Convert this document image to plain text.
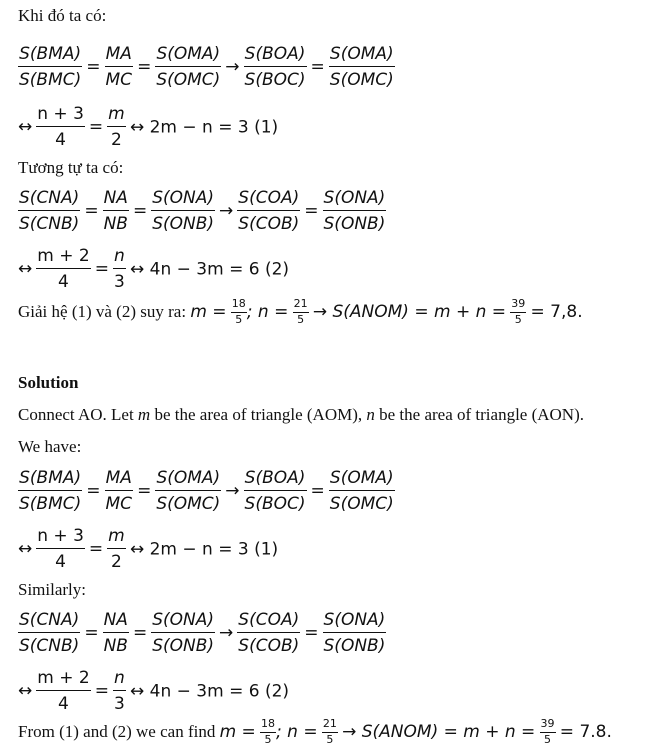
Khi đó ta có:
$\frac{\text{S(BMA)}}{\text{S(BMC)}} = \frac{MA}{MC} = \frac{\text{S(OMA)}}{\text{S(OMC)}} \to \frac{\text{S(BOA)}}{\text{S(BOC)}} = \frac{\text{S(OMA)}}{\text{S(OMC)}}$
↔ $\frac{n + 3}{4} = \frac{m}{2}$ ↔ 2m − n = 3 (1)
Tương tự ta có:
$\frac{\text{S(CNA)}}{\text{S(CNB)}} = \frac{NA}{NB} = \frac{\text{S(ONA)}}{\text{S(ONB)}} \to \frac{\text{S(COA)}}{\text{S(COB)}} = \frac{\text{S(ONA)}}{\text{S(ONB)}}$
↔ $\frac{m + 2}{4} = \frac{n}{3}$ ↔ 4n − 3m = 6 (2)
Giải hệ (1) và (2) suy ra: $m = \frac{18}{5}$ ; $n = \frac{21}{5}$ → S(ANOM) = $m + n = \frac{39}{5} = 7,8$.
Solution
Connect AO. Let m be the area of triangle (AOM), n be the area of triangle (AON).
We have:
$\frac{\text{S(BMA)}}{\text{S(BMC)}} = \frac{MA}{MC} = \frac{\text{S(OMA)}}{\text{S(OMC)}} \to \frac{\text{S(BOA)}}{\text{S(BOC)}} = \frac{\text{S(OMA)}}{\text{S(OMC)}}$
↔ $\frac{n + 3}{4} = \frac{m}{2}$ ↔ 2m − n = 3 (1)
Similarly:
$\frac{\text{S(CNA)}}{\text{S(CNB)}} = \frac{NA}{NB} = \frac{\text{S(ONA)}}{\text{S(ONB)}} \to \frac{\text{S(COA)}}{\text{S(COB)}} = \frac{\text{S(ONA)}}{\text{S(ONB)}}$
↔ $\frac{m + 2}{4} = \frac{n}{3}$ ↔ 4n − 3m = 6 (2)
From (1) and (2) we can find $m = \frac{18}{5}$ ; $n = \frac{21}{5}$ → S(ANOM) = $m + n = \frac{39}{5} = 7.8$.
